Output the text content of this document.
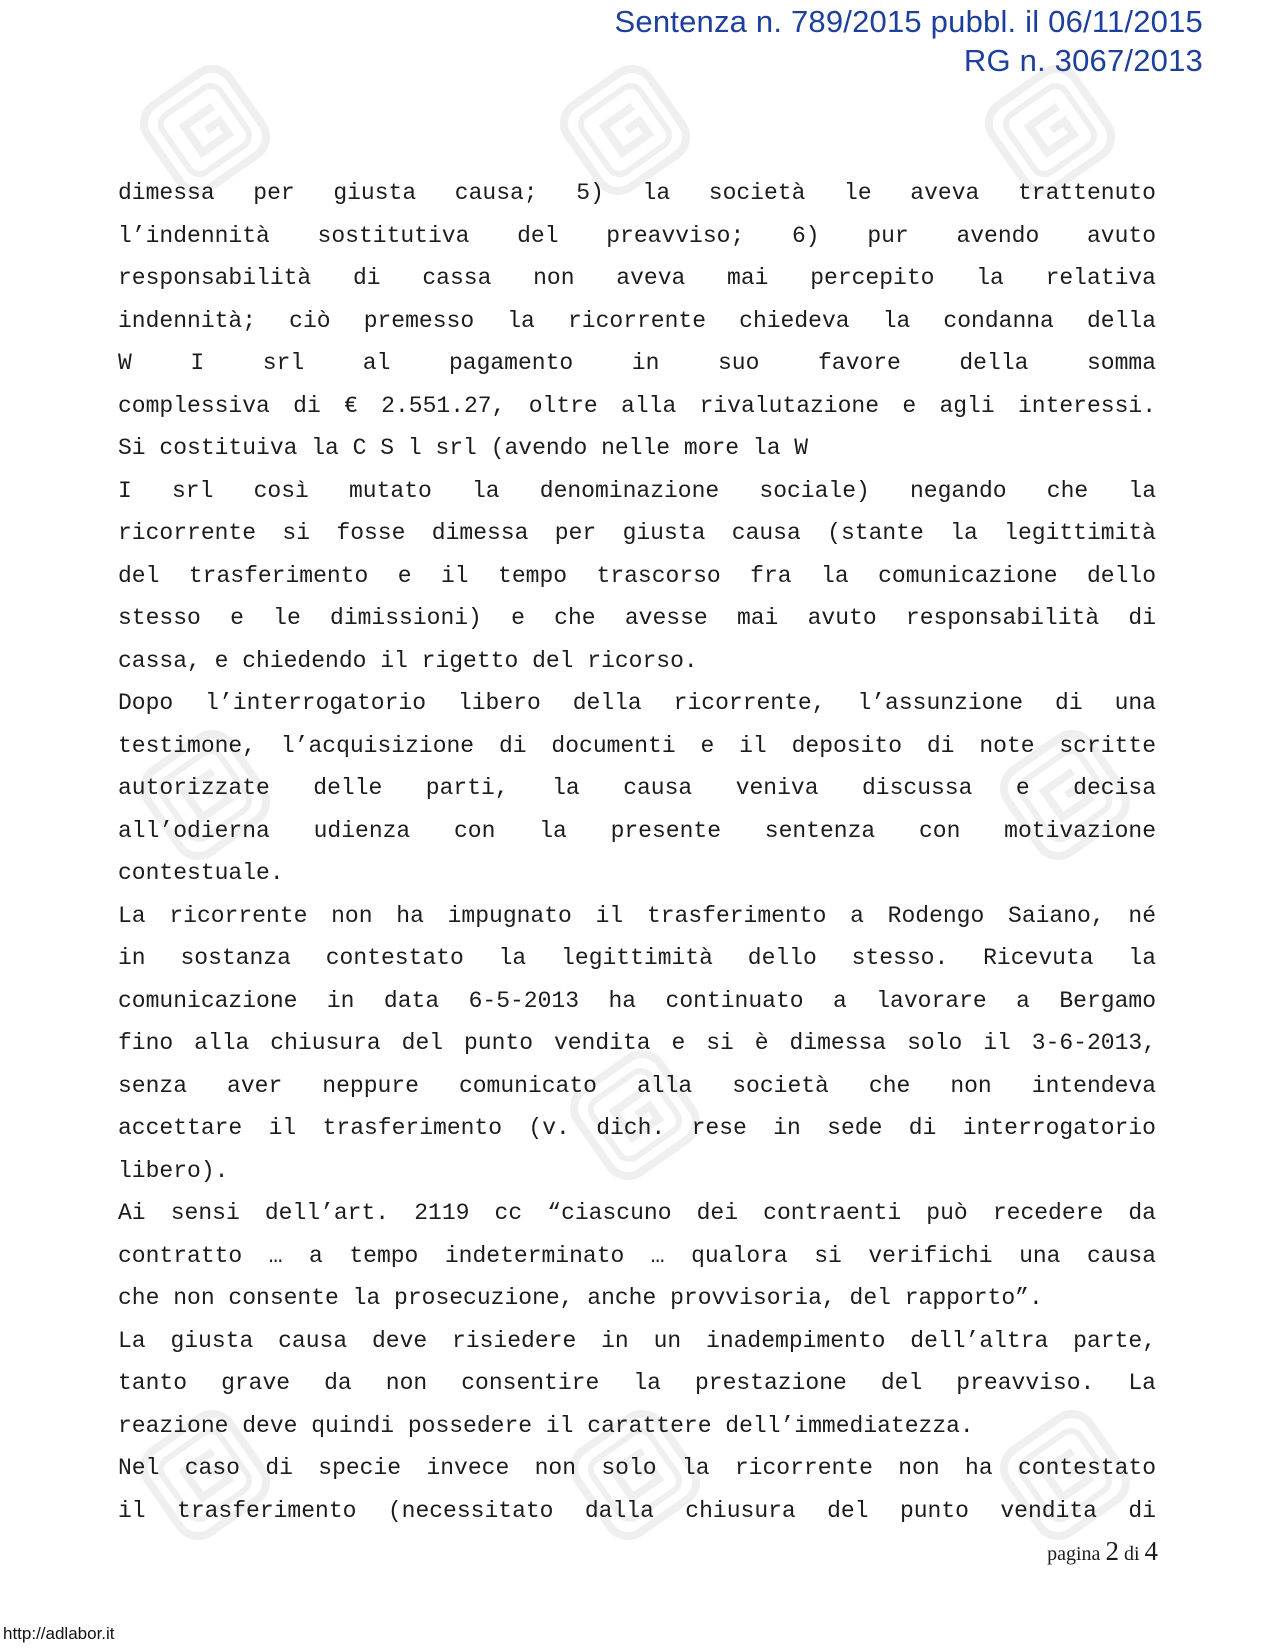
Sentenza n. 789/2015 pubbl. il 06/11/2015
RG n. 3067/2013
dimessa per giusta causa; 5) la società le aveva trattenuto
l’indennità sostitutiva del preavviso; 6) pur avendo avuto
responsabilità di cassa non aveva mai percepito la relativa
indennità; ciò premesso la ricorrente chiedeva la condanna della
W I srl al pagamento in suo favore della somma
complessiva di € 2.551.27, oltre alla rivalutazione e agli interessi.
Si costituiva la C S l srl (avendo nelle more la W
I srl così mutato la denominazione sociale) negando che la
ricorrente si fosse dimessa per giusta causa (stante la legittimità
del trasferimento e il tempo trascorso fra la comunicazione dello
stesso e le dimissioni) e che avesse mai avuto responsabilità di
cassa, e chiedendo il rigetto del ricorso.
Dopo l’interrogatorio libero della ricorrente, l’assunzione di una
testimone, l’acquisizione di documenti e il deposito di note scritte
autorizzate delle parti, la causa veniva discussa e decisa
all’odierna udienza con la presente sentenza con motivazione
contestuale.
La ricorrente non ha impugnato il trasferimento a Rodengo Saiano, né
in sostanza contestato la legittimità dello stesso. Ricevuta la
comunicazione in data 6-5-2013 ha continuato a lavorare a Bergamo
fino alla chiusura del punto vendita e si è dimessa solo il 3-6-2013,
senza aver neppure comunicato alla società che non intendeva
accettare il trasferimento (v. dich. rese in sede di interrogatorio
libero).
Ai sensi dell’art. 2119 cc “ciascuno dei contraenti può recedere da
contratto … a tempo indeterminato … qualora si verifichi una causa
che non consente la prosecuzione, anche provvisoria, del rapporto”.
La giusta causa deve risiedere in un inadempimento dell’altra parte,
tanto grave da non consentire la prestazione del preavviso. La
reazione deve quindi possedere il carattere dell’immediatezza.
Nel caso di specie invece non solo la ricorrente non ha contestato
il trasferimento (necessitato dalla chiusura del punto vendita di
pagina 2 di 4
http://adlabor.it
